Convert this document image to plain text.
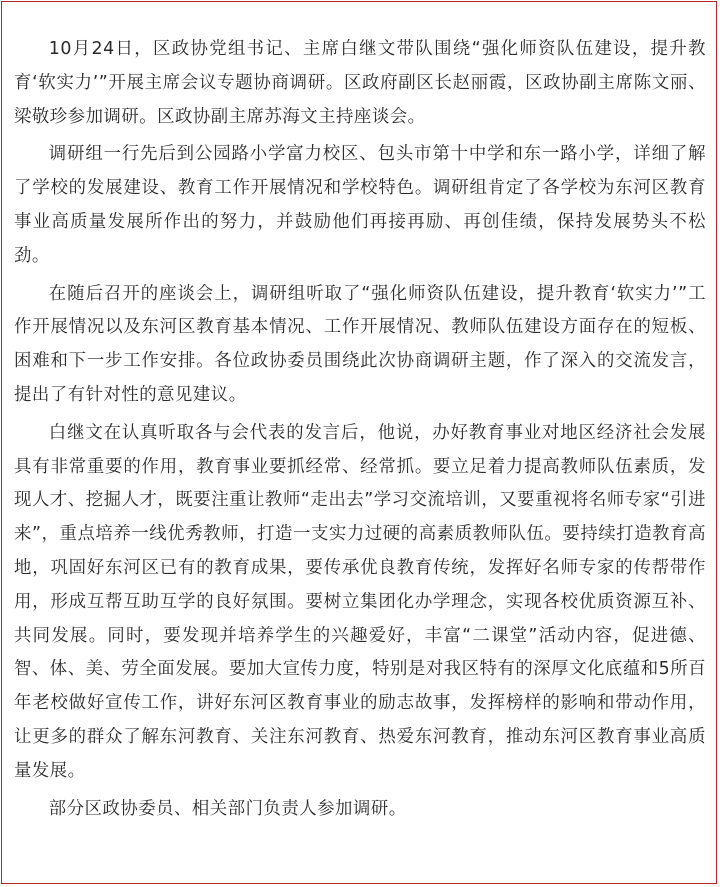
10月24日，区政协党组书记、主席白继文带队围绕“强化师资队伍建设，提升教育‘软实力’”开展主席会议专题协商调研。区政府副区长赵丽霞，区政协副主席陈文丽、梁敬珍参加调研。区政协副主席苏海文主持座谈会。

调研组一行先后到公园路小学富力校区、包头市第十中学和东一路小学，详细了解了学校的发展建设、教育工作开展情况和学校特色。调研组肯定了各学校为东河区教育事业高质量发展所作出的努力，并鼓励他们再接再励、再创佳绩，保持发展势头不松劲。

在随后召开的座谈会上，调研组听取了“强化师资队伍建设，提升教育‘软实力’”工作开展情况以及东河区教育基本情况、工作开展情况、教师队伍建设方面存在的短板、困难和下一步工作安排。各位政协委员围绕此次协商调研主题，作了深入的交流发言，提出了有针对性的意见建议。

白继文在认真听取各与会代表的发言后，他说，办好教育事业对地区经济社会发展具有非常重要的作用，教育事业要抓经常、经常抓。要立足着力提高教师队伍素质，发现人才、挖掘人才，既要注重让教师“走出去”学习交流培训，又要重视将名师专家“引进来”，重点培养一线优秀教师，打造一支实力过硬的高素质教师队伍。要持续打造教育高地，巩固好东河区已有的教育成果，要传承优良教育传统，发挥好名师专家的传帮带作用，形成互帮互助互学的良好氛围。要树立集团化办学理念，实现各校优质资源互补、共同发展。同时，要发现并培养学生的兴趣爱好，丰富“二课堂”活动内容，促进德、智、体、美、劳全面发展。要加大宣传力度，特别是对我区特有的深厚文化底蕴和5所百年老校做好宣传工作，讲好东河区教育事业的励志故事，发挥榜样的影响和带动作用，让更多的群众了解东河教育、关注东河教育、热爱东河教育，推动东河区教育事业高质量发展。

部分区政协委员、相关部门负责人参加调研。
